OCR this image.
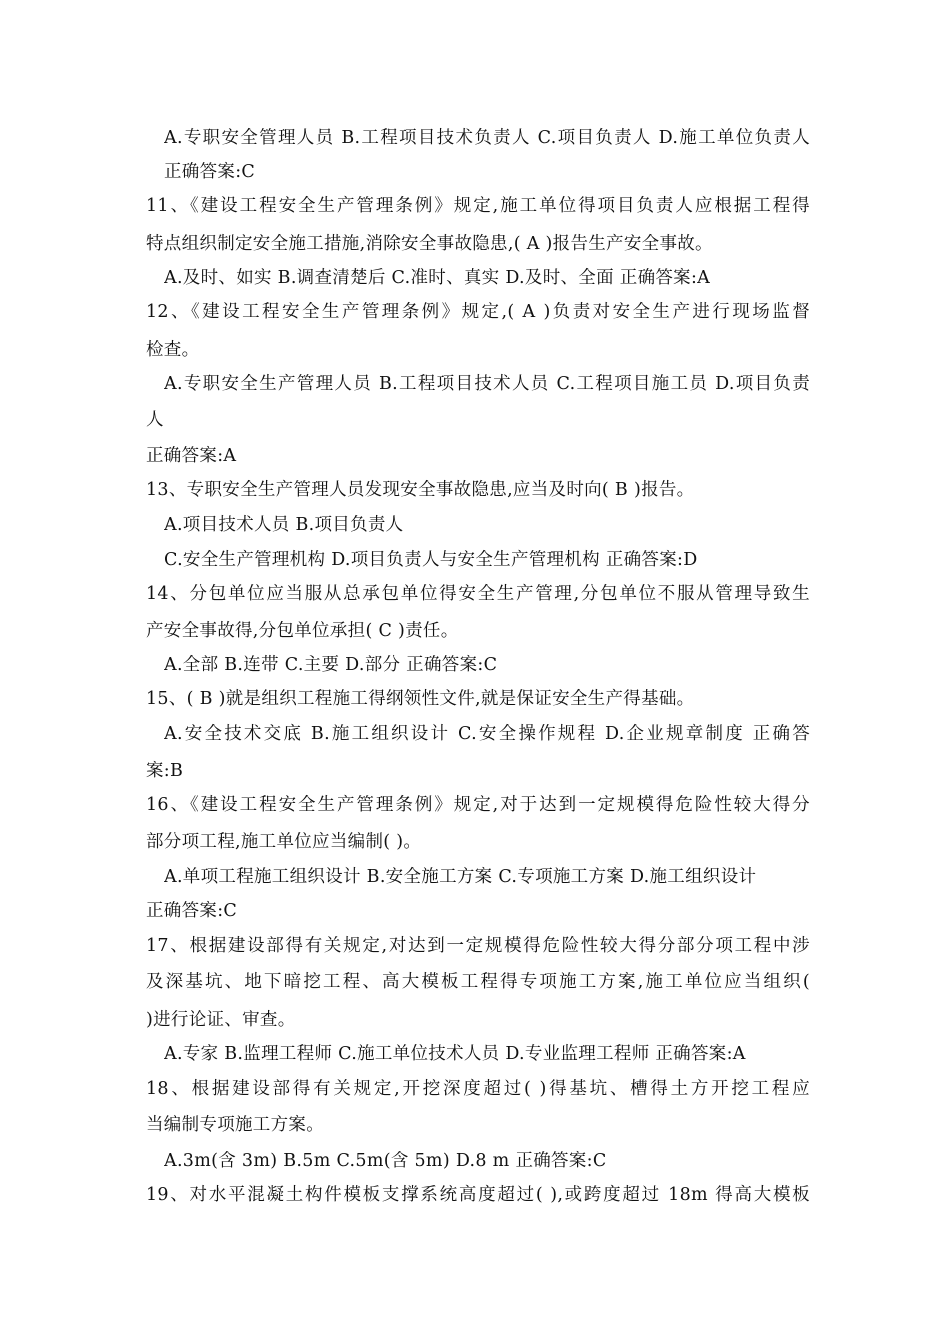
A.专职安全管理人员 B.工程项目技术负责人 C.项目负责人 D.施工单位负责人
正确答案:C
11、《建设工程安全生产管理条例》规定,施工单位得项目负责人应根据工程得
特点组织制定安全施工措施,消除安全事故隐患,( A )报告生产安全事故。
A.及时、如实 B.调查清楚后 C.准时、真实 D.及时、全面 正确答案:A
12、《建设工程安全生产管理条例》规定,( A )负责对安全生产进行现场监督
检查。
A.专职安全生产管理人员 B.工程项目技术人员 C.工程项目施工员 D.项目负责
人
正确答案:A
13、专职安全生产管理人员发现安全事故隐患,应当及时向( B )报告。
A.项目技术人员 B.项目负责人
C.安全生产管理机构 D.项目负责人与安全生产管理机构 正确答案:D
14、分包单位应当服从总承包单位得安全生产管理,分包单位不服从管理导致生
产安全事故得,分包单位承担( C )责任。
A.全部 B.连带 C.主要 D.部分 正确答案:C
15、( B )就是组织工程施工得纲领性文件,就是保证安全生产得基础。
A.安全技术交底 B.施工组织设计 C.安全操作规程 D.企业规章制度 正确答
案:B
16、《建设工程安全生产管理条例》规定,对于达到一定规模得危险性较大得分
部分项工程,施工单位应当编制( )。
A.单项工程施工组织设计 B.安全施工方案 C.专项施工方案 D.施工组织设计
正确答案:C
17、根据建设部得有关规定,对达到一定规模得危险性较大得分部分项工程中涉
及深基坑、地下暗挖工程、高大模板工程得专项施工方案,施工单位应当组织(
)进行论证、审查。
A.专家 B.监理工程师 C.施工单位技术人员 D.专业监理工程师 正确答案:A
18、根据建设部得有关规定,开挖深度超过( )得基坑、槽得土方开挖工程应
当编制专项施工方案。
A.3m(含 3m) B.5m C.5m(含 5m) D.8 m 正确答案:C
19、对水平混凝土构件模板支撑系统高度超过( ),或跨度超过 18m 得高大模板
